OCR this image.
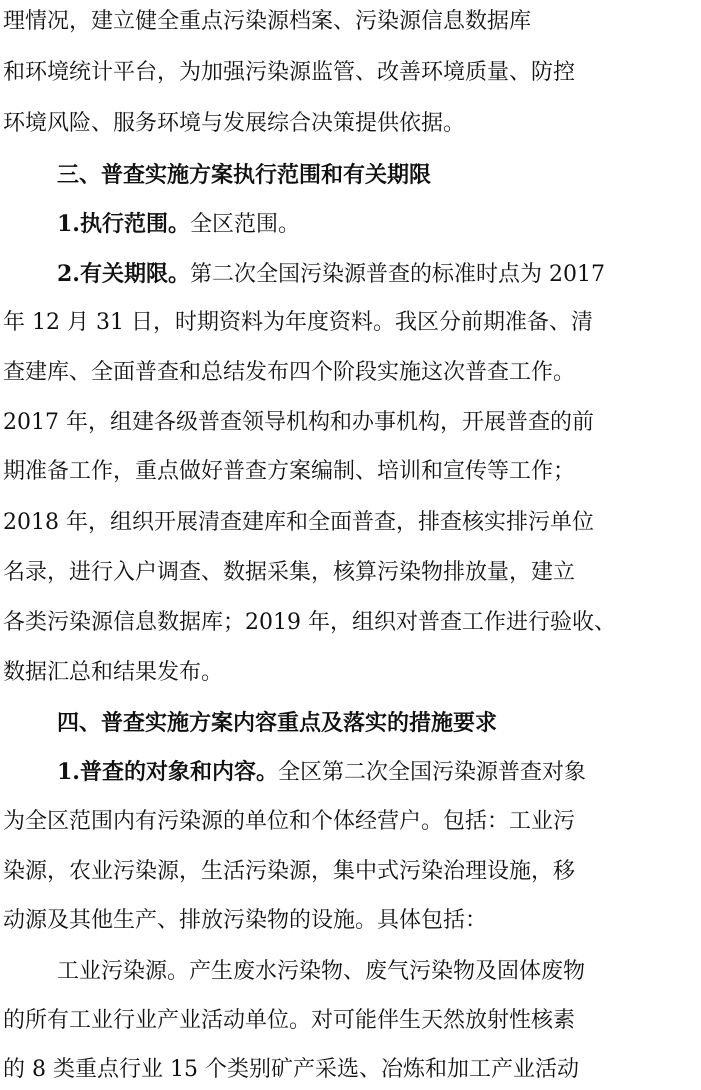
理情况，建立健全重点污染源档案、污染源信息数据库
和环境统计平台，为加强污染源监管、改善环境质量、防控
环境风险、服务环境与发展综合决策提供依据。
三、普查实施方案执行范围和有关期限
1.执行范围。全区范围。
2.有关期限。第二次全国污染源普查的标准时点为 2017
年 12 月 31 日，时期资料为年度资料。我区分前期准备、清
查建库、全面普查和总结发布四个阶段实施这次普查工作。
2017 年，组建各级普查领导机构和办事机构，开展普查的前
期准备工作，重点做好普查方案编制、培训和宣传等工作；
2018 年，组织开展清查建库和全面普查，排查核实排污单位
名录，进行入户调查、数据采集，核算污染物排放量，建立
各类污染源信息数据库；2019 年，组织对普查工作进行验收、
数据汇总和结果发布。
四、普查实施方案内容重点及落实的措施要求
1.普查的对象和内容。全区第二次全国污染源普查对象
为全区范围内有污染源的单位和个体经营户。包括：工业污
染源，农业污染源，生活污染源，集中式污染治理设施，移
动源及其他生产、排放污染物的设施。具体包括：
工业污染源。产生废水污染物、废气污染物及固体废物
的所有工业行业产业活动单位。对可能伴生天然放射性核素
的 8 类重点行业 15 个类别矿产采选、冶炼和加工产业活动
